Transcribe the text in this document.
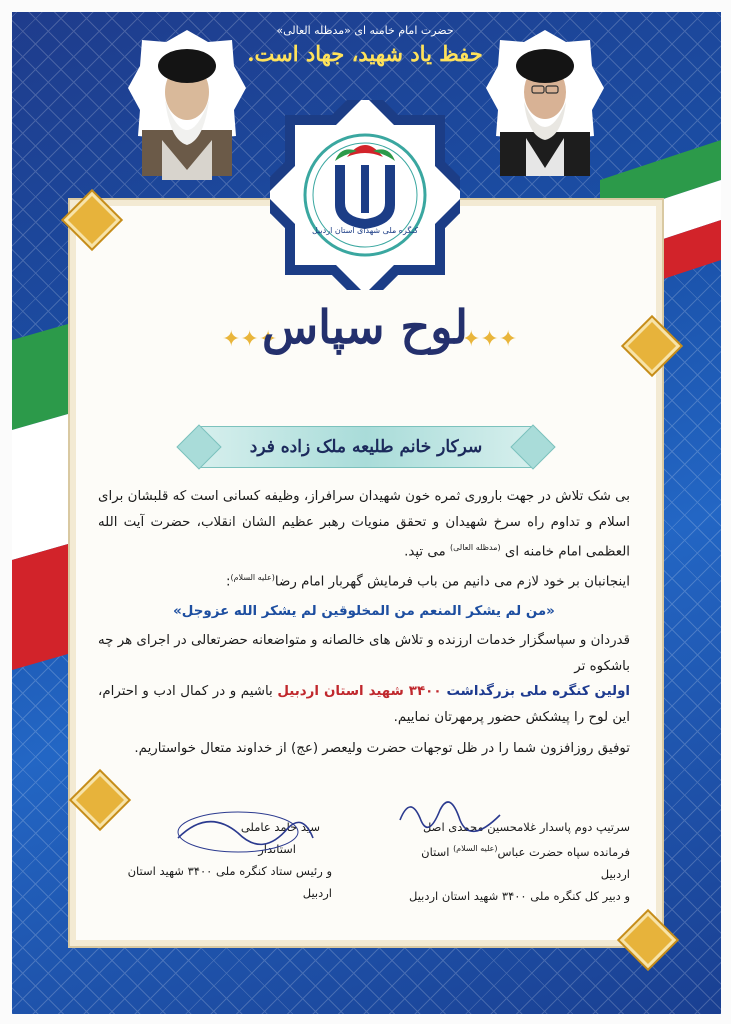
حضرت امام خامنه ای «مدظله العالی»
حفظ یاد شهید، جهاد است.
کنگره ملی شهدای استان اردبیل
✦✦✦	✦✦✦
لوح سپاس
سرکار خانم طلیعه ملک زاده فرد

بی شک تلاش در جهت باروری ثمره خون شهیدان سرافراز، وظیفه کسانی است که قلبشان برای اسلام و تداوم راه سرخ شهیدان و تحقق منویات رهبر عظیم الشان انقلاب، حضرت آیت الله العظمی امام خامنه ای $^{(مدظله العالی)}$ می تپد.

اینجانبان بر خود لازم می دانیم من باب فرمایش گهربار امام رضا$^{(علیه السلام)}$:

«من لم یشکر المنعم من المخلوقین لم یشکر الله عزوجل»

قدردان و سپاسگزار خدمات ارزنده و تلاش های خالصانه و متواضعانه حضرتعالی در اجرای هر چه باشکوه تر

اولین کنگره ملی بزرگداشت ۳۴۰۰ شهید استان اردبیل باشیم و در کمال ادب و احترام، این لوح را پیشکش حضور پرمهرتان نماییم.

توفیق روزافزون شما را در ظل توجهات حضرت ولیعصر (عج) از خداوند متعال خواستاریم.

سرتیپ دوم پاسدار غلامحسین محمدی اصل
فرمانده سپاه حضرت عباس$^{(علیه السلام)}$ استان اردبیل
و دبیر کل کنگره ملی ۳۴۰۰ شهید استان اردبیل
سید حامد عاملی
استاندار
و رئیس ستاد کنگره ملی ۳۴۰۰ شهید استان اردبیل
